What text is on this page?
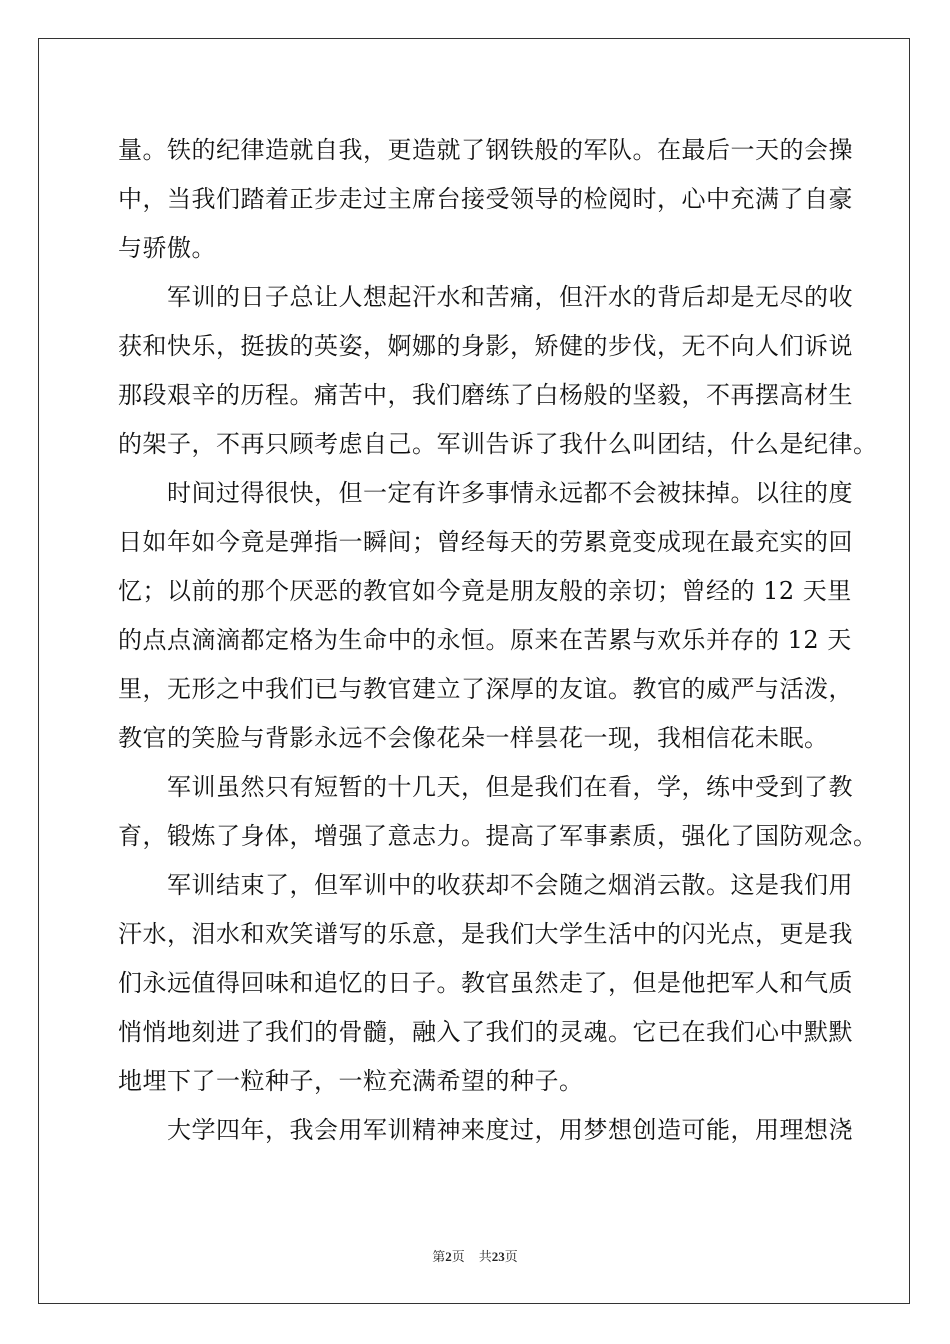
量。铁的纪律造就自我，更造就了钢铁般的军队。在最后一天的会操
中，当我们踏着正步走过主席台接受领导的检阅时，心中充满了自豪
与骄傲。
　　军训的日子总让人想起汗水和苦痛，但汗水的背后却是无尽的收
获和快乐，挺拔的英姿，婀娜的身影，矫健的步伐，无不向人们诉说
那段艰辛的历程。痛苦中，我们磨练了白杨般的坚毅，不再摆高材生
的架子，不再只顾考虑自己。军训告诉了我什么叫团结，什么是纪律。
　　时间过得很快，但一定有许多事情永远都不会被抹掉。以往的度
日如年如今竟是弹指一瞬间；曾经每天的劳累竟变成现在最充实的回
忆；以前的那个厌恶的教官如今竟是朋友般的亲切；曾经的 12 天里
的点点滴滴都定格为生命中的永恒。原来在苦累与欢乐并存的 12 天
里，无形之中我们已与教官建立了深厚的友谊。教官的威严与活泼，
教官的笑脸与背影永远不会像花朵一样昙花一现，我相信花未眠。
　　军训虽然只有短暂的十几天，但是我们在看，学，练中受到了教
育，锻炼了身体，增强了意志力。提高了军事素质，强化了国防观念。
　　军训结束了，但军训中的收获却不会随之烟消云散。这是我们用
汗水，泪水和欢笑谱写的乐意，是我们大学生活中的闪光点，更是我
们永远值得回味和追忆的日子。教官虽然走了，但是他把军人和气质
悄悄地刻进了我们的骨髓，融入了我们的灵魂。它已在我们心中默默
地埋下了一粒种子，一粒充满希望的种子。
　　大学四年，我会用军训精神来度过，用梦想创造可能，用理想浇
第2页 共23页
